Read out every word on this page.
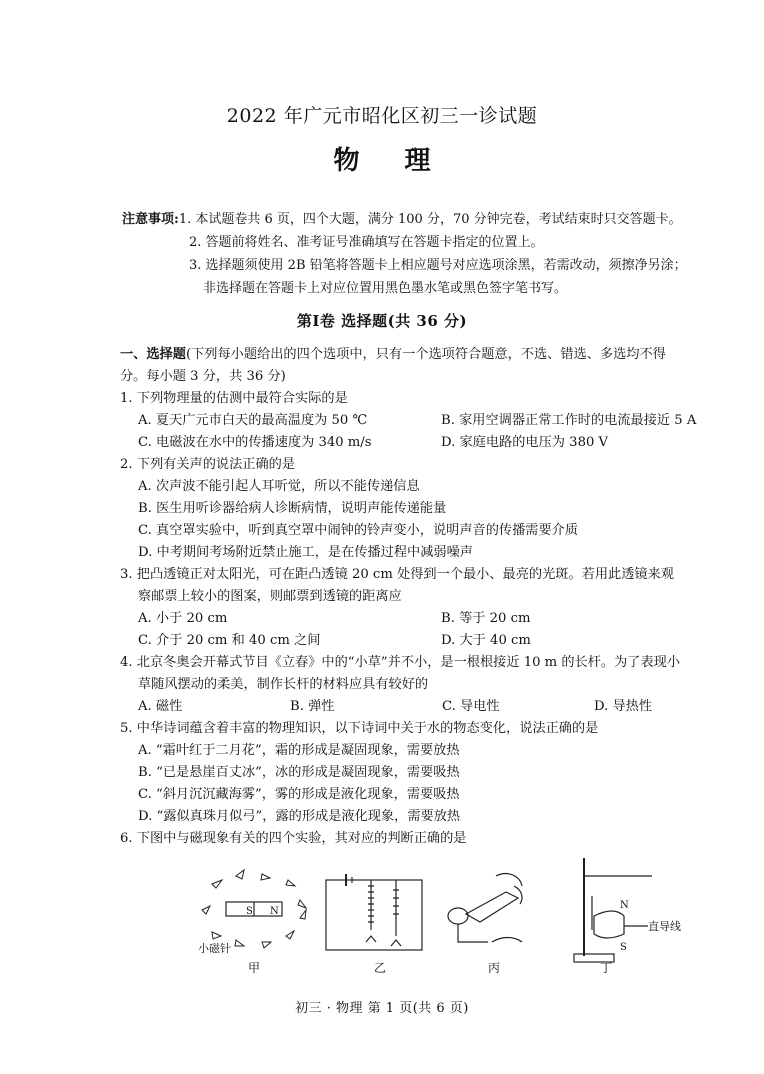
2022 年广元市昭化区初三一诊试题
物 理
注意事项:1. 本试题卷共 6 页，四个大题，满分 100 分，70 分钟完卷，考试结束时只交答题卡。
2. 答题前将姓名、准考证号准确填写在答题卡指定的位置上。
3. 选择题须使用 2B 铅笔将答题卡上相应题号对应选项涂黑，若需改动，须擦净另涂；
非选择题在答题卡上对应位置用黑色墨水笔或黑色签字笔书写。
第Ⅰ卷 选择题(共 36 分)
一、选择题(下列每小题给出的四个选项中，只有一个选项符合题意，不选、错选、多选均不得
分。每小题 3 分，共 36 分)
1. 下列物理量的估测中最符合实际的是
A. 夏天广元市白天的最高温度为 50 ℃	B. 家用空调器正常工作时的电流最接近 5 A
C. 电磁波在水中的传播速度为 340 m/s	D. 家庭电路的电压为 380 V
2. 下列有关声的说法正确的是
A. 次声波不能引起人耳听觉，所以不能传递信息
B. 医生用听诊器给病人诊断病情，说明声能传递能量
C. 真空罩实验中，听到真空罩中闹钟的铃声变小，说明声音的传播需要介质
D. 中考期间考场附近禁止施工，是在传播过程中减弱噪声
3. 把凸透镜正对太阳光，可在距凸透镜 20 cm 处得到一个最小、最亮的光斑。若用此透镜来观
察邮票上较小的图案，则邮票到透镜的距离应
A. 小于 20 cm	B. 等于 20 cm
C. 介于 20 cm 和 40 cm 之间	D. 大于 40 cm
4. 北京冬奥会开幕式节目《立春》中的“小草”并不小，是一根根接近 10 m 的长杆。为了表现小
草随风摆动的柔美，制作长杆的材料应具有较好的
A. 磁性	B. 弹性	C. 导电性	D. 导热性
5. 中华诗词蕴含着丰富的物理知识，以下诗词中关于水的物态变化，说法正确的是
A. “霜叶红于二月花”，霜的形成是凝固现象，需要放热
B. “已是悬崖百丈冰”，冰的形成是凝固现象，需要吸热
C. “斜月沉沉藏海雾”，雾的形成是液化现象，需要吸热
D. “露似真珠月似弓”，露的形成是液化现象，需要放热
6. 下图中与磁现象有关的四个实验，其对应的判断正确的是
S N
小磁针
N
S
直导线
甲	乙	丙	丁
初三 · 物理 第 1 页(共 6 页)
